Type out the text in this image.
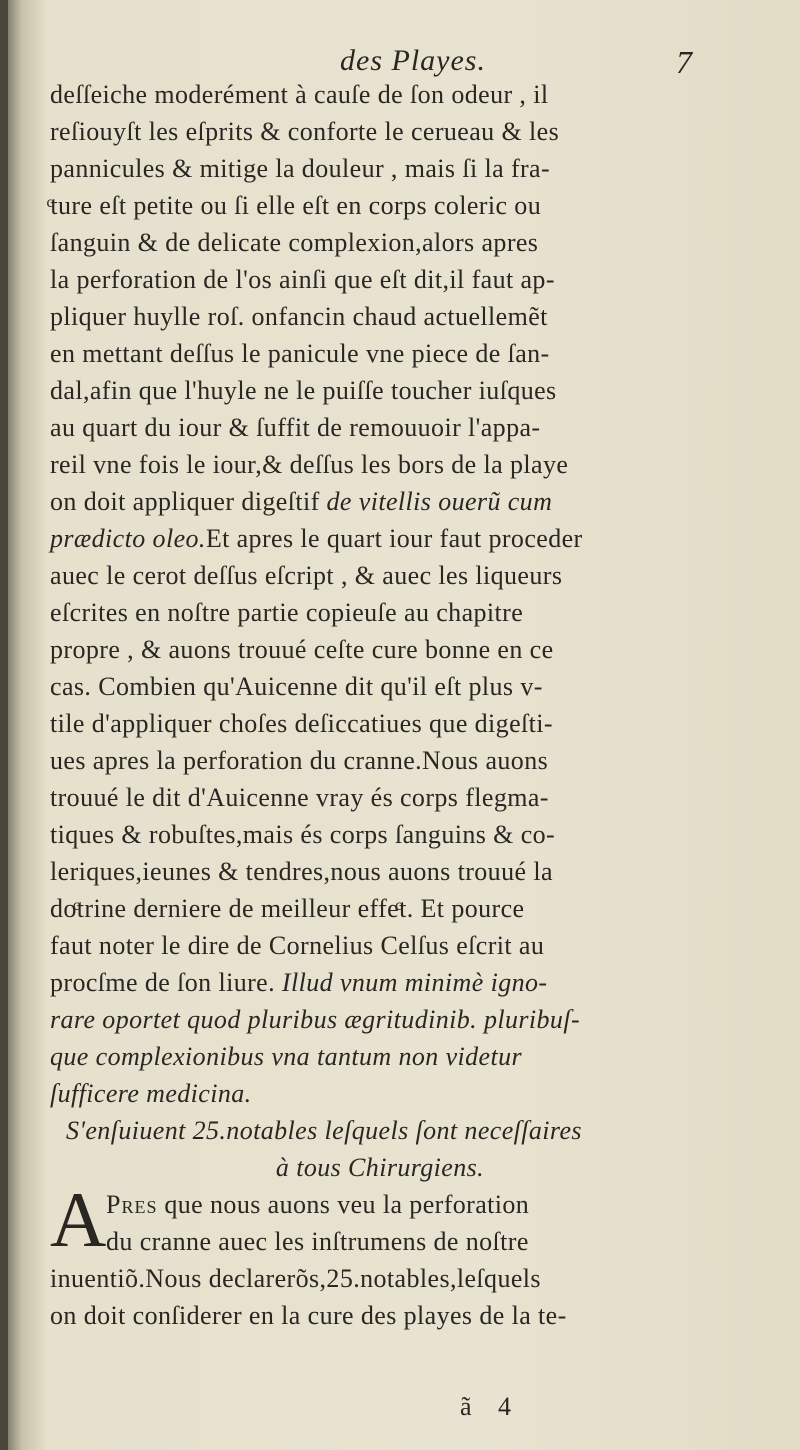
des Playes.	7
deſſeiche moderément à cauſe de ſon odeur , il
reſiouyſt les eſprits & conforte le cerueau & les
pannicules & mitige la douleur , mais ſi la fra-
ͨture eſt petite ou ſi elle eſt en corps coleric ou
ſanguin & de delicate complexion,alors apres
la perforation de l'os ainſi que eſt dit,il faut ap-
pliquer huylle roſ. onfancin chaud actuellemẽt
en mettant deſſus le panicule vne piece de ſan-
dal,afin que l'huyle ne le puiſſe toucher iuſques
au quart du iour & ſuffit de remouuoir l'appa-
reil vne fois le iour,& deſſus les bors de la playe
on doit appliquer digeſtif de vitellis ouerũ cum
prædicto oleo.Et apres le quart iour faut proceder
auec le cerot deſſus eſcript , & auec les liqueurs
eſcrites en noſtre partie copieuſe au chapitre
propre , & auons trouué ceſte cure bonne en ce
cas. Combien qu'Auicenne dit qu'il eſt plus v-
tile d'appliquer choſes deſiccatiues que digeſti-
ues apres la perforation du cranne.Nous auons
trouué le dit d'Auicenne vray és corps flegma-
tiques & robuſtes,mais és corps ſanguins & co-
leriques,ieunes & tendres,nous auons trouué la
doͨtrine derniere de meilleur effeͨt. Et pource
faut noter le dire de Cornelius Celſus eſcrit au
procſme de ſon liure. Illud vnum minimè igno-
rare oportet quod pluribus ægritudinib. pluribuſ-
que complexionibus vna tantum non videtur
ſufficere medicina.
S'enſuiuent 25.notables leſquels ſont neceſſaires
à tous Chirurgiens.
A Pres que nous auons veu la perforation
du cranne auec les inſtrumens de noſtre
inuentiõ.Nous declarerõs,25.notables,leſquels
on doit conſiderer en la cure des playes de la te-
ã 4
